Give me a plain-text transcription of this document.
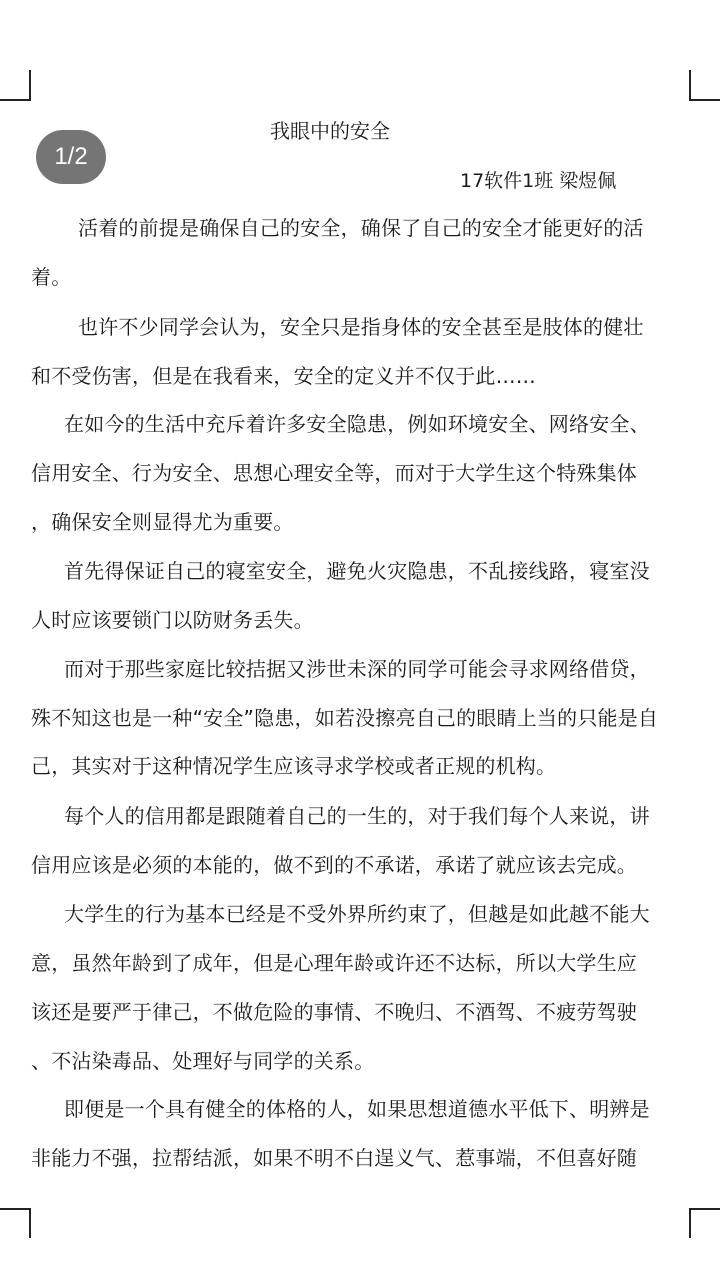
我眼中的安全
17软件1班 梁煜佩
活着的前提是确保自己的安全，确保了自己的安全才能更好的活
着。
也许不少同学会认为，安全只是指身体的安全甚至是肢体的健壮
和不受伤害，但是在我看来，安全的定义并不仅于此……
在如今的生活中充斥着许多安全隐患，例如环境安全、网络安全、
信用安全、行为安全、思想心理安全等，而对于大学生这个特殊集体
，确保安全则显得尤为重要。
首先得保证自己的寝室安全，避免火灾隐患，不乱接线路，寝室没
人时应该要锁门以防财务丢失。
而对于那些家庭比较拮据又涉世未深的同学可能会寻求网络借贷，
殊不知这也是一种“安全”隐患，如若没擦亮自己的眼睛上当的只能是自
己，其实对于这种情况学生应该寻求学校或者正规的机构。
每个人的信用都是跟随着自己的一生的，对于我们每个人来说，讲
信用应该是必须的本能的，做不到的不承诺，承诺了就应该去完成。
大学生的行为基本已经是不受外界所约束了，但越是如此越不能大
意，虽然年龄到了成年，但是心理年龄或许还不达标，所以大学生应
该还是要严于律己，不做危险的事情、不晚归、不酒驾、不疲劳驾驶
、不沾染毒品、处理好与同学的关系。
即便是一个具有健全的体格的人，如果思想道德水平低下、明辨是
非能力不强，拉帮结派，如果不明不白逞义气、惹事端，不但喜好随
1/2
